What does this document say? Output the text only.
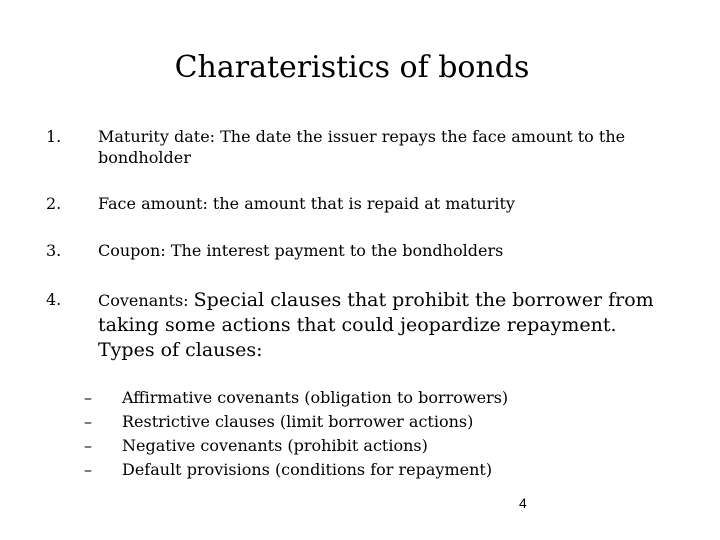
Charateristics of bonds
1. Maturity date: The date the issuer repays the face amount to the bondholder
2. Face amount: the amount that is repaid at maturity
3. Coupon: The interest payment to the bondholders
4. Covenants: Special clauses that prohibit the borrower from taking some actions that could jeopardize repayment. Types of clauses:
– Affirmative covenants (obligation to borrowers)
– Restrictive clauses (limit borrower actions)
– Negative covenants (prohibit actions)
– Default provisions (conditions for repayment)
4
